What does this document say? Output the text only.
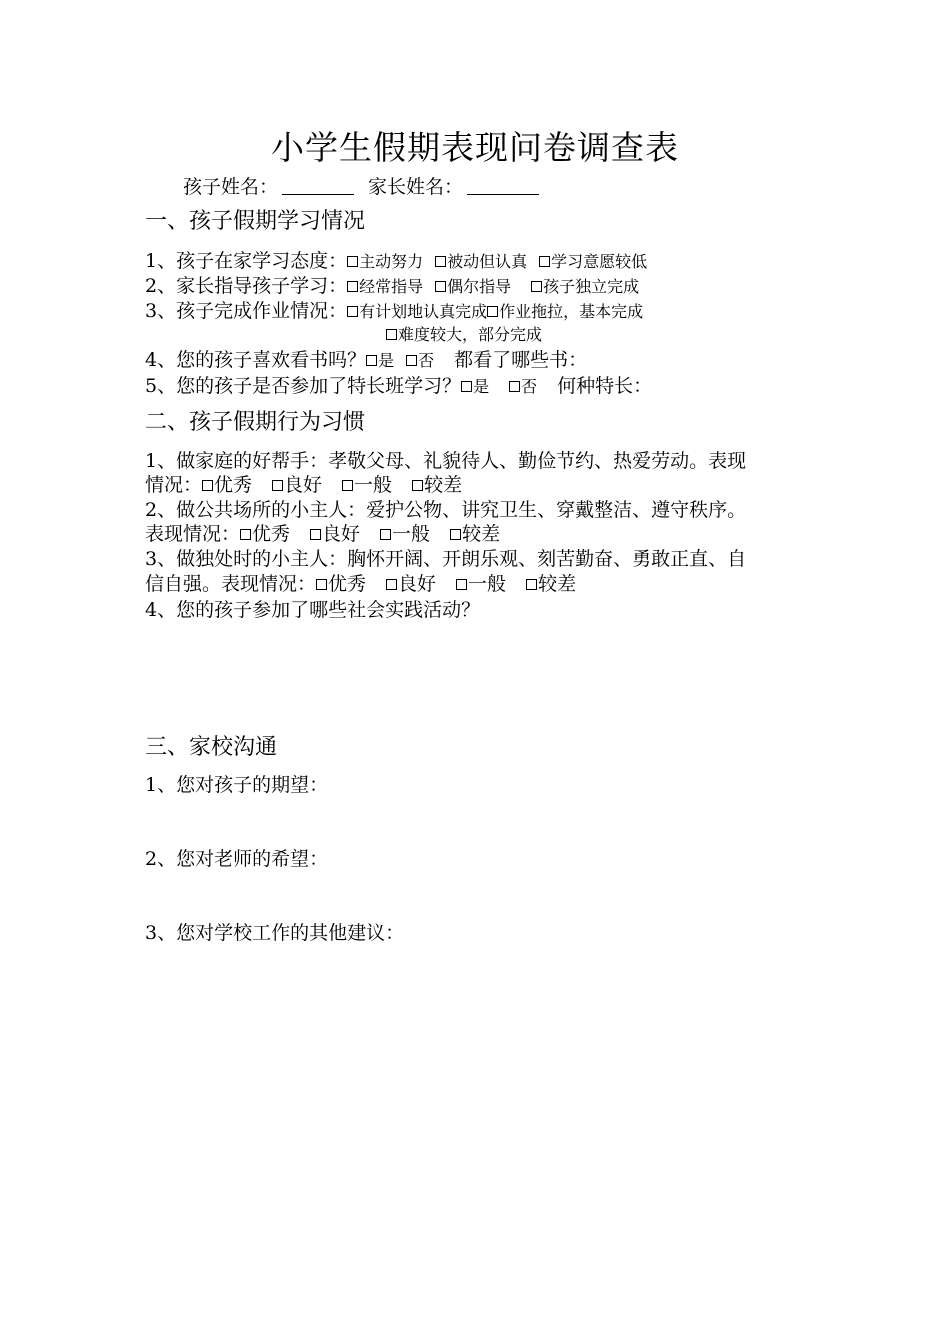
小学生假期表现问卷调查表
孩子姓名：	家长姓名：
一、孩子假期学习情况
1、孩子在家学习态度： 主动努力 被动但认真 学习意愿较低
2、家长指导孩子学习： 经常指导 偶尔指导 孩子独立完成
3、孩子完成作业情况： 有计划地认真完成 作业拖拉，基本完成
难度较大，部分完成
4、您的孩子喜欢看书吗？ 是 否 都看了哪些书：
5、您的孩子是否参加了特长班学习？ 是 否 何种特长：
二、孩子假期行为习惯
1、做家庭的好帮手：孝敬父母、礼貌待人、勤俭节约、热爱劳动。表现
情况： 优秀 良好 一般 较差
2、做公共场所的小主人：爱护公物、讲究卫生、穿戴整洁、遵守秩序。
表现情况： 优秀 良好 一般 较差
3、做独处时的小主人：胸怀开阔、开朗乐观、刻苦勤奋、勇敢正直、自
信自强。表现情况： 优秀 良好 一般 较差
4、您的孩子参加了哪些社会实践活动？
三、家校沟通
1、您对孩子的期望：
2、您对老师的希望：
3、您对学校工作的其他建议：
